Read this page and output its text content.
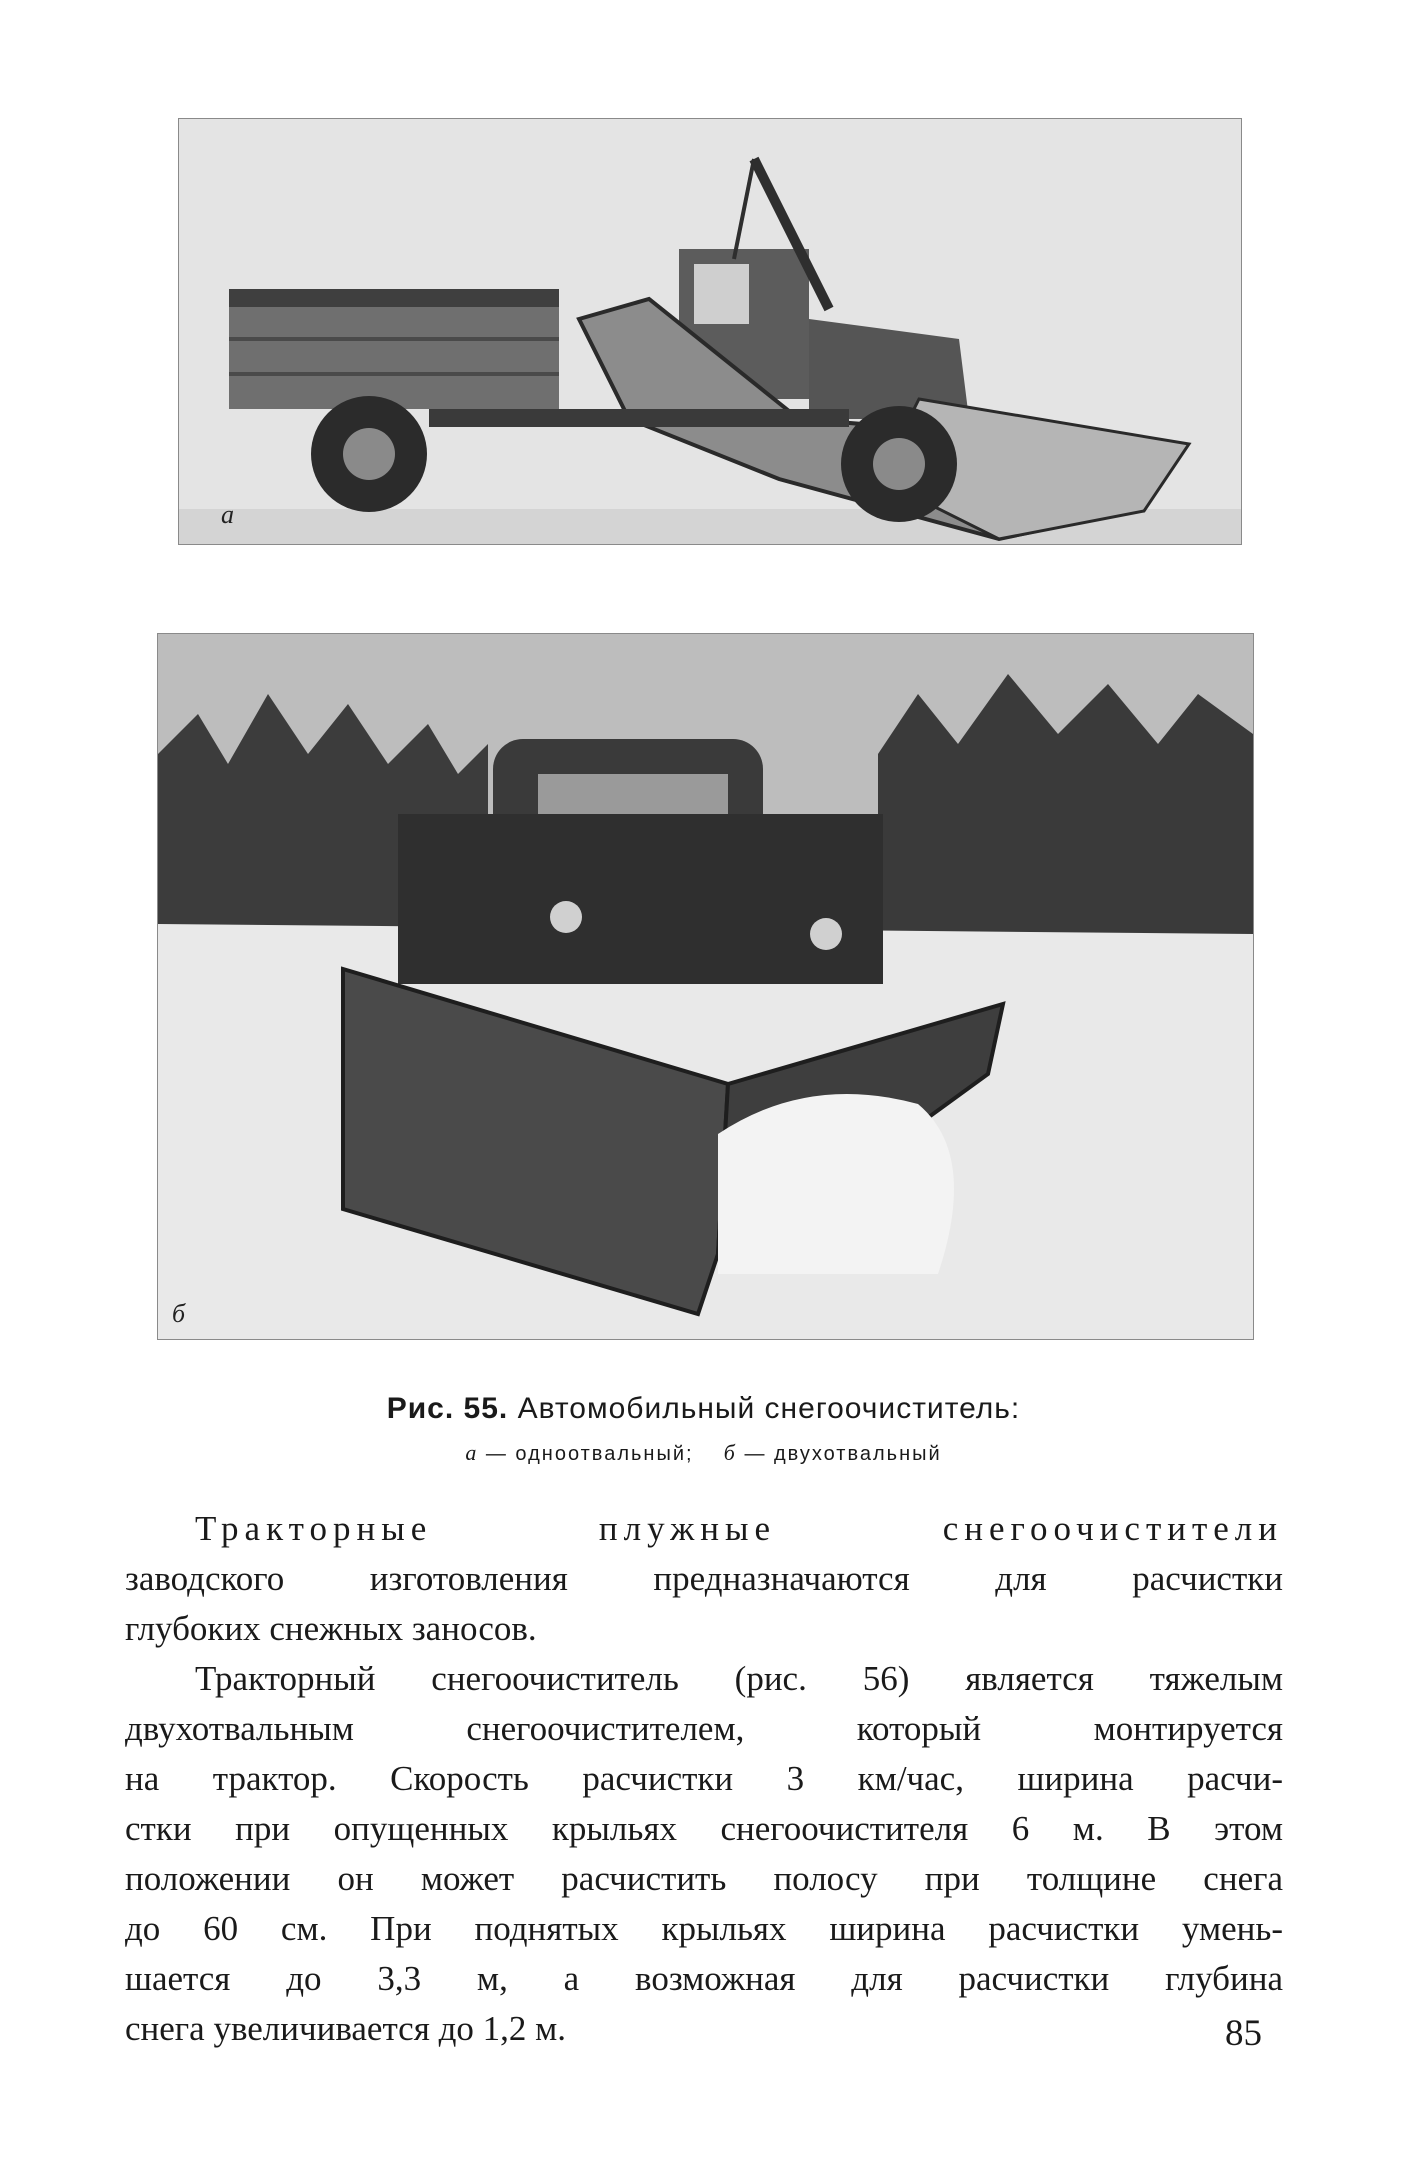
а
б
Рис. 55. Автомобильный снегоочиститель:
а — одноотвальный; б — двухотвальный
Тракторные плужные снегоочистители
заводского изготовления предназначаются для расчистки
глубоких снежных заносов.
Тракторный снегоочиститель (рис. 56) является тяжелым
двухотвальным снегоочистителем, который монтируется
на трактор. Скорость расчистки 3 км/час, ширина расчи-
стки при опущенных крыльях снегоочистителя 6 м. В этом
положении он может расчистить полосу при толщине снега
до 60 см. При поднятых крыльях ширина расчистки умень-
шается до 3,3 м, а возможная для расчистки глубина
снега увеличивается до 1,2 м.	85
